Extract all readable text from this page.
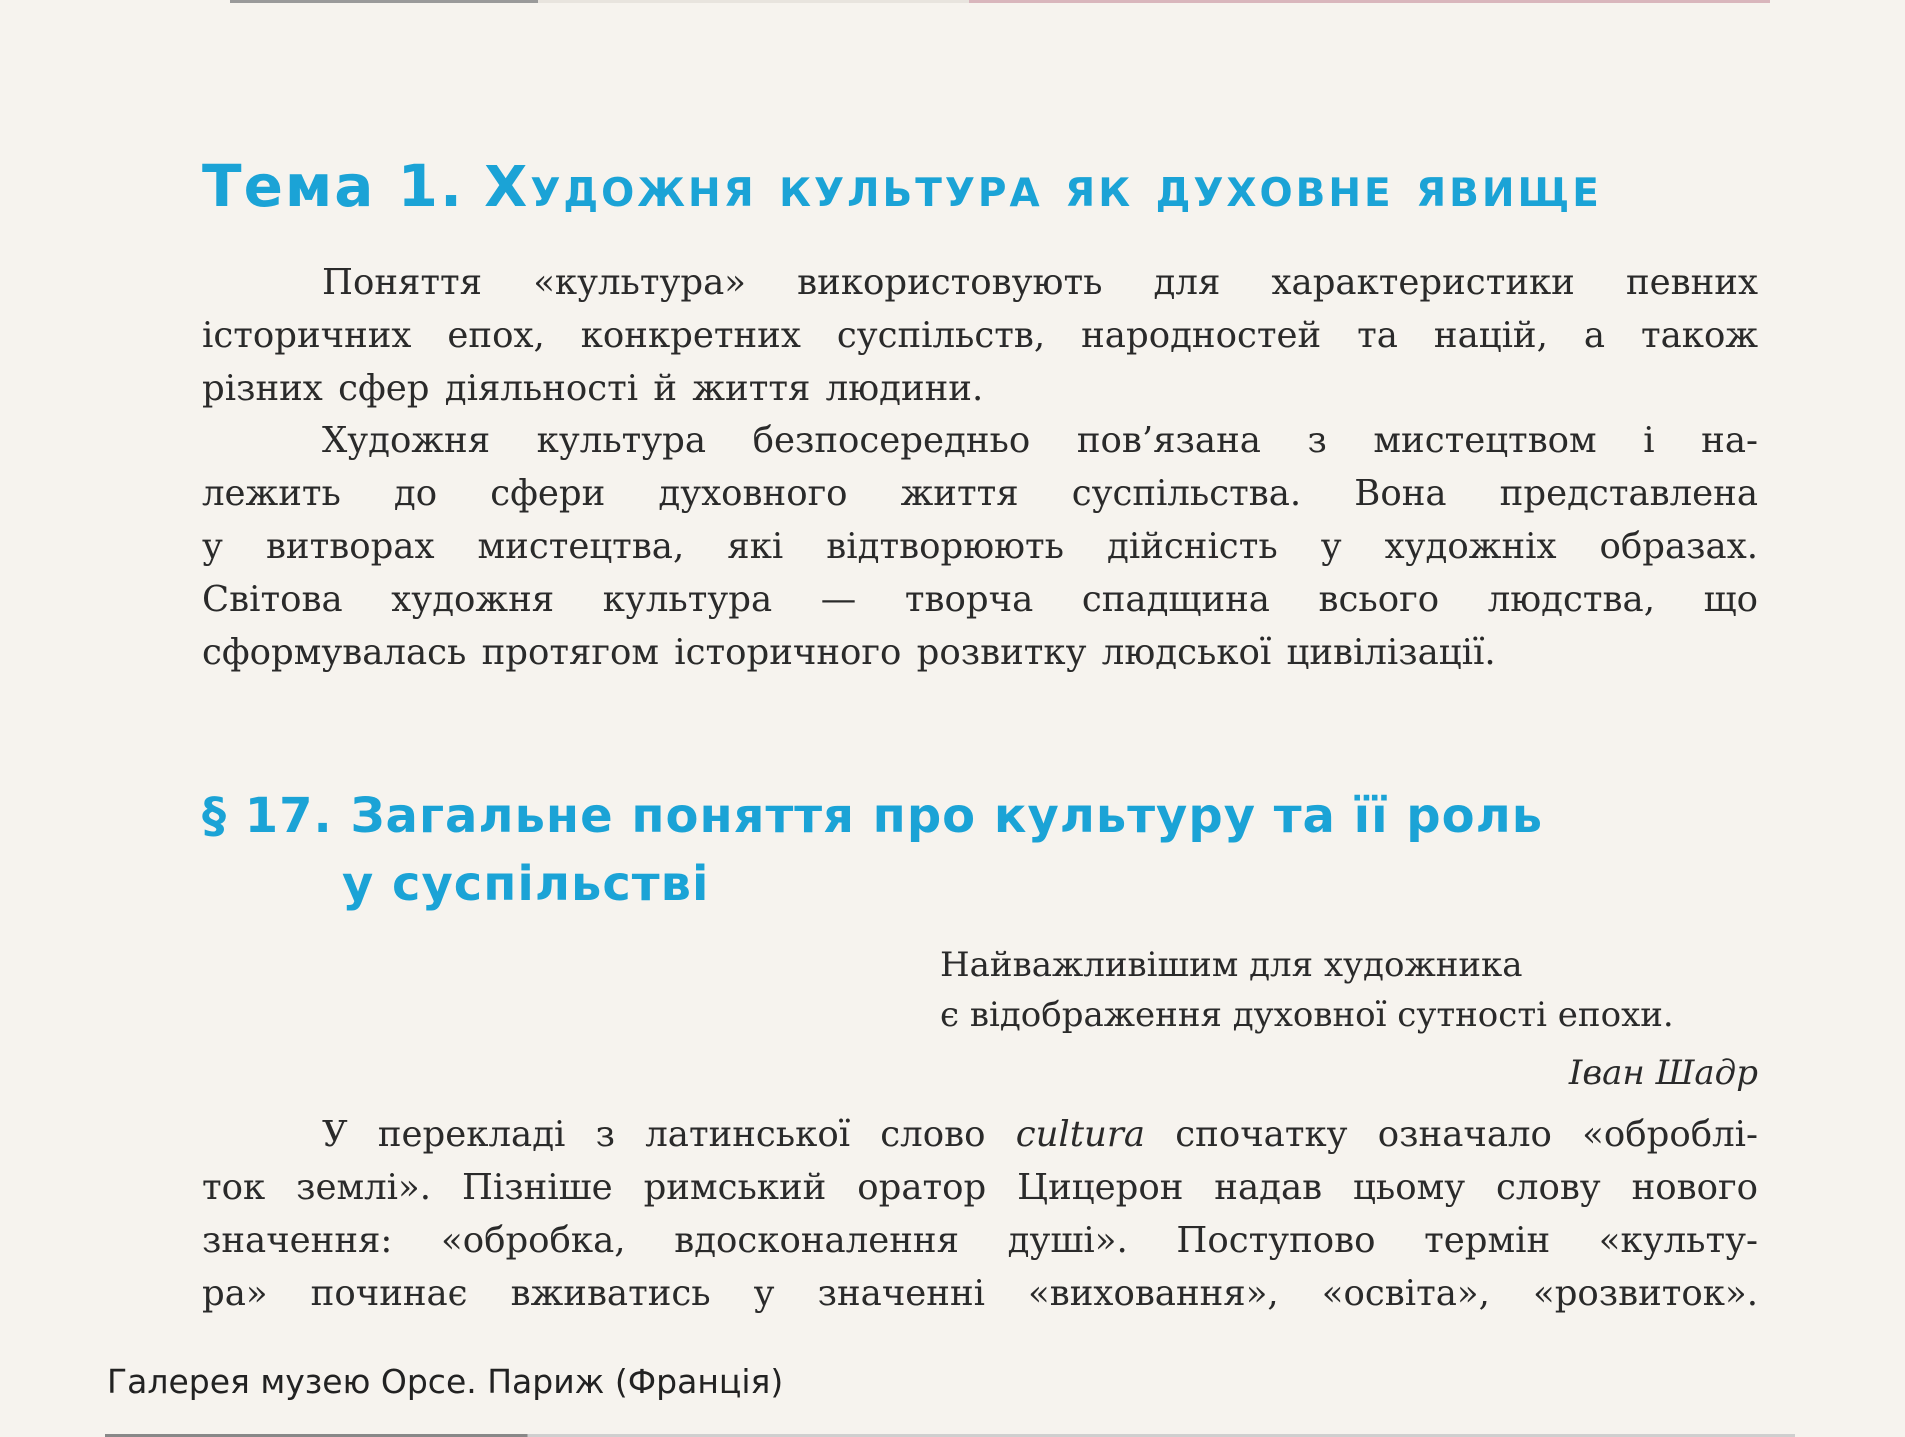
Тема 1. Художня культура як духовне явище
Поняття «культура» використовують для характеристики певних
історичних епох, конкретних суспільств, народностей та націй, а також
різних сфер діяльності й життя людини.
Художня культура безпосередньо пов’язана з мистецтвом і на-
лежить до сфери духовного життя суспільства. Вона представлена
у витворах мистецтва, які відтворюють дійсність у художніх образах.
Світова художня культура — творча спадщина всього людства, що
сформувалась протягом історичного розвитку людської цивілізації.
§ 17. Загальне поняття про культуру та її роль
у суспільстві
Найважливішим для художника
є відображення духовної сутності епохи.
Іван Шадр
У перекладі з латинської слово cultura спочатку означало «оброблі-
ток землі». Пізніше римський оратор Цицерон надав цьому слову нового
значення: «обробка, вдосконалення душі». Поступово термін «культу-
ра» починає вживатись у значенні «виховання», «освіта», «розвиток».
Галерея музею Орсе. Париж (Франція)
